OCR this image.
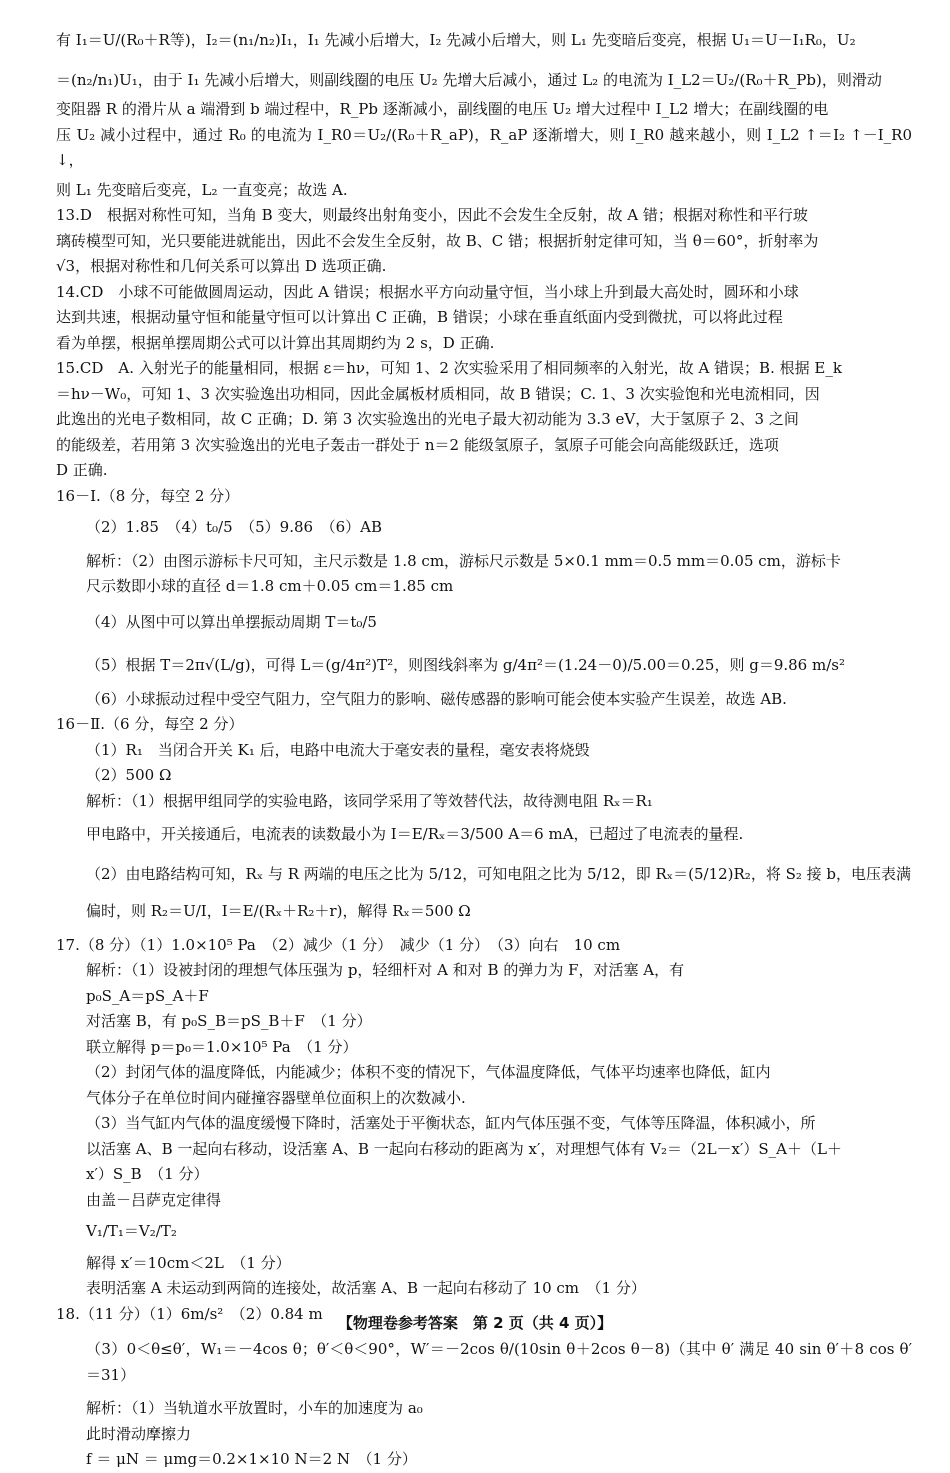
有 I₁＝U/(R₀＋R等)，I₂＝(n₁/n₂)I₁，I₁ 先减小后增大，I₂ 先减小后增大，则 L₁ 先变暗后变亮，根据 U₁＝U－I₁R₀，U₂

＝(n₂/n₁)U₁，由于 I₁ 先减小后增大，则副线圈的电压 U₂ 先增大后减小，通过 L₂ 的电流为 I_L2＝U₂/(R₀＋R_Pb)，则滑动

变阻器 R 的滑片从 a 端滑到 b 端过程中，R_Pb 逐渐减小，副线圈的电压 U₂ 增大过程中 I_L2 增大；在副线圈的电

压 U₂ 减小过程中，通过 R₀ 的电流为 I_R0＝U₂/(R₀＋R_aP)，R_aP 逐渐增大，则 I_R0 越来越小，则 I_L2 ↑＝I₂ ↑－I_R0 ↓，

则 L₁ 先变暗后变亮，L₂ 一直变亮；故选 A.

13.D　根据对称性可知，当角 B 变大，则最终出射角变小，因此不会发生全反射，故 A 错；根据对称性和平行玻

璃砖模型可知，光只要能进就能出，因此不会发生全反射，故 B、C 错；根据折射定律可知，当 θ＝60°，折射率为

√3，根据对称性和几何关系可以算出 D 选项正确.

14.CD　小球不可能做圆周运动，因此 A 错误；根据水平方向动量守恒，当小球上升到最大高处时，圆环和小球

达到共速，根据动量守恒和能量守恒可以计算出 C 正确，B 错误；小球在垂直纸面内受到微扰，可以将此过程

看为单摆，根据单摆周期公式可以计算出其周期约为 2 s，D 正确.

15.CD　A. 入射光子的能量相同，根据 ε＝hν，可知 1、2 次实验采用了相同频率的入射光，故 A 错误；B. 根据 E_k

＝hν－W₀，可知 1、3 次实验逸出功相同，因此金属板材质相同，故 B 错误；C. 1、3 次实验饱和光电流相同，因

此逸出的光电子数相同，故 C 正确；D. 第 3 次实验逸出的光电子最大初动能为 3.3 eV，大于氢原子 2、3 之间

的能级差，若用第 3 次实验逸出的光电子轰击一群处于 n＝2 能级氢原子，氢原子可能会向高能级跃迁，选项

D 正确.

16－Ⅰ.（8 分，每空 2 分）

（2）1.85　（4）t₀/5　（5）9.86　（6）AB

解析：（2）由图示游标卡尺可知，主尺示数是 1.8 cm，游标尺示数是 5×0.1 mm＝0.5 mm＝0.05 cm，游标卡

尺示数即小球的直径 d＝1.8 cm＋0.05 cm＝1.85 cm

（4）从图中可以算出单摆振动周期 T＝t₀/5

（5）根据 T＝2π√(L/g)，可得 L＝(g/4π²)T²，则图线斜率为 g/4π²＝(1.24－0)/5.00＝0.25，则 g＝9.86 m/s²

（6）小球振动过程中受空气阻力，空气阻力的影响、磁传感器的影响可能会使本实验产生误差，故选 AB.

16－Ⅱ.（6 分，每空 2 分）

（1）R₁　当闭合开关 K₁ 后，电路中电流大于毫安表的量程，毫安表将烧毁

（2）500 Ω

解析：（1）根据甲组同学的实验电路，该同学采用了等效替代法，故待测电阻 Rₓ＝R₁

甲电路中，开关接通后，电流表的读数最小为 I＝E/Rₓ＝3/500 A＝6 mA，已超过了电流表的量程.

（2）由电路结构可知，Rₓ 与 R 两端的电压之比为 5/12，可知电阻之比为 5/12，即 Rₓ＝(5/12)R₂，将 S₂ 接 b，电压表满

偏时，则 R₂＝U/I，I＝E/(Rₓ＋R₂＋r)，解得 Rₓ＝500 Ω

17.（8 分）（1）1.0×10⁵ Pa　（2）减少（1 分）　减少（1 分）　（3）向右　10 cm

解析：（1）设被封闭的理想气体压强为 p，轻细杆对 A 和对 B 的弹力为 F，对活塞 A，有

p₀S_A＝pS_A＋F

对活塞 B，有 p₀S_B＝pS_B＋F　（1 分）

联立解得 p＝p₀＝1.0×10⁵ Pa　（1 分）

（2）封闭气体的温度降低，内能减少；体积不变的情况下，气体温度降低，气体平均速率也降低，缸内

气体分子在单位时间内碰撞容器壁单位面积上的次数减小.

（3）当气缸内气体的温度缓慢下降时，活塞处于平衡状态，缸内气体压强不变，气体等压降温，体积减小，所

以活塞 A、B 一起向右移动，设活塞 A、B 一起向右移动的距离为 x′，对理想气体有 V₂＝（2L－x′）S_A＋（L＋

x′）S_B　（1 分）

由盖－吕萨克定律得

V₁/T₁＝V₂/T₂

解得 x′＝10cm＜2L　（1 分）

表明活塞 A 未运动到两筒的连接处，故活塞 A、B 一起向右移动了 10 cm　（1 分）

18.（11 分）（1）6m/s²　（2）0.84 m

（3）0＜θ≤θ′，W₁＝－4cos θ；θ′＜θ＜90°，W′＝－2cos θ/(10sin θ＋2cos θ－8)（其中 θ′ 满足 40 sin θ′＋8 cos θ′＝31）

解析：（1）当轨道水平放置时，小车的加速度为 a₀

此时滑动摩擦力

f ＝ μN ＝ μmg＝0.2×1×10 N＝2 N　（1 分）

【物理卷参考答案　第 2 页（共 4 页）】
